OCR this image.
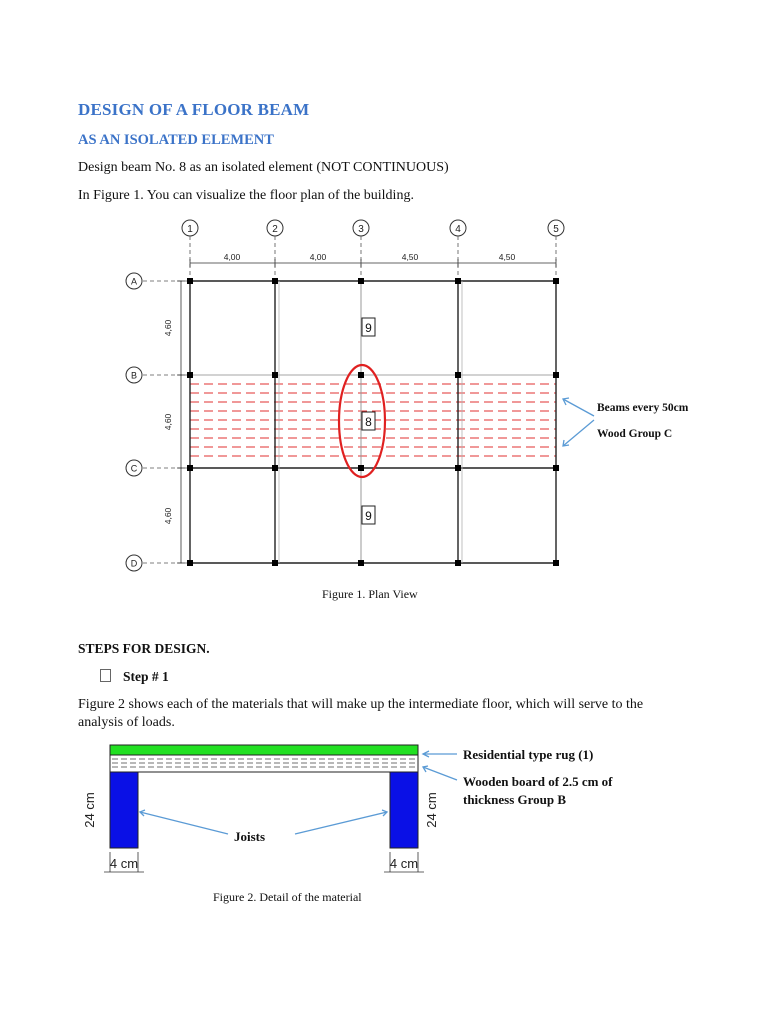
DESIGN OF A FLOOR BEAM
AS AN ISOLATED ELEMENT
Design beam No. 8 as an isolated element (NOT CONTINUOUS)
In Figure 1. You can visualize the floor plan of the building.
1	2	3	4	5
4,00	4,00	4,50	4,50
A
B
C
D
4,60
4,60
4,60
9
8
9
Beams every 50cm
Wood Group C
Figure 1. Plan View
STEPS FOR DESIGN.
Step # 1
Figure 2 shows each of the materials that will make up the intermediate floor, which will serve to the analysis of loads.
4 cm	4 cm
24 cm	24 cm
Residential type rug (1)
Wooden board of 2.5 cm of
thickness Group B
Joists
Figure 2. Detail of the material
